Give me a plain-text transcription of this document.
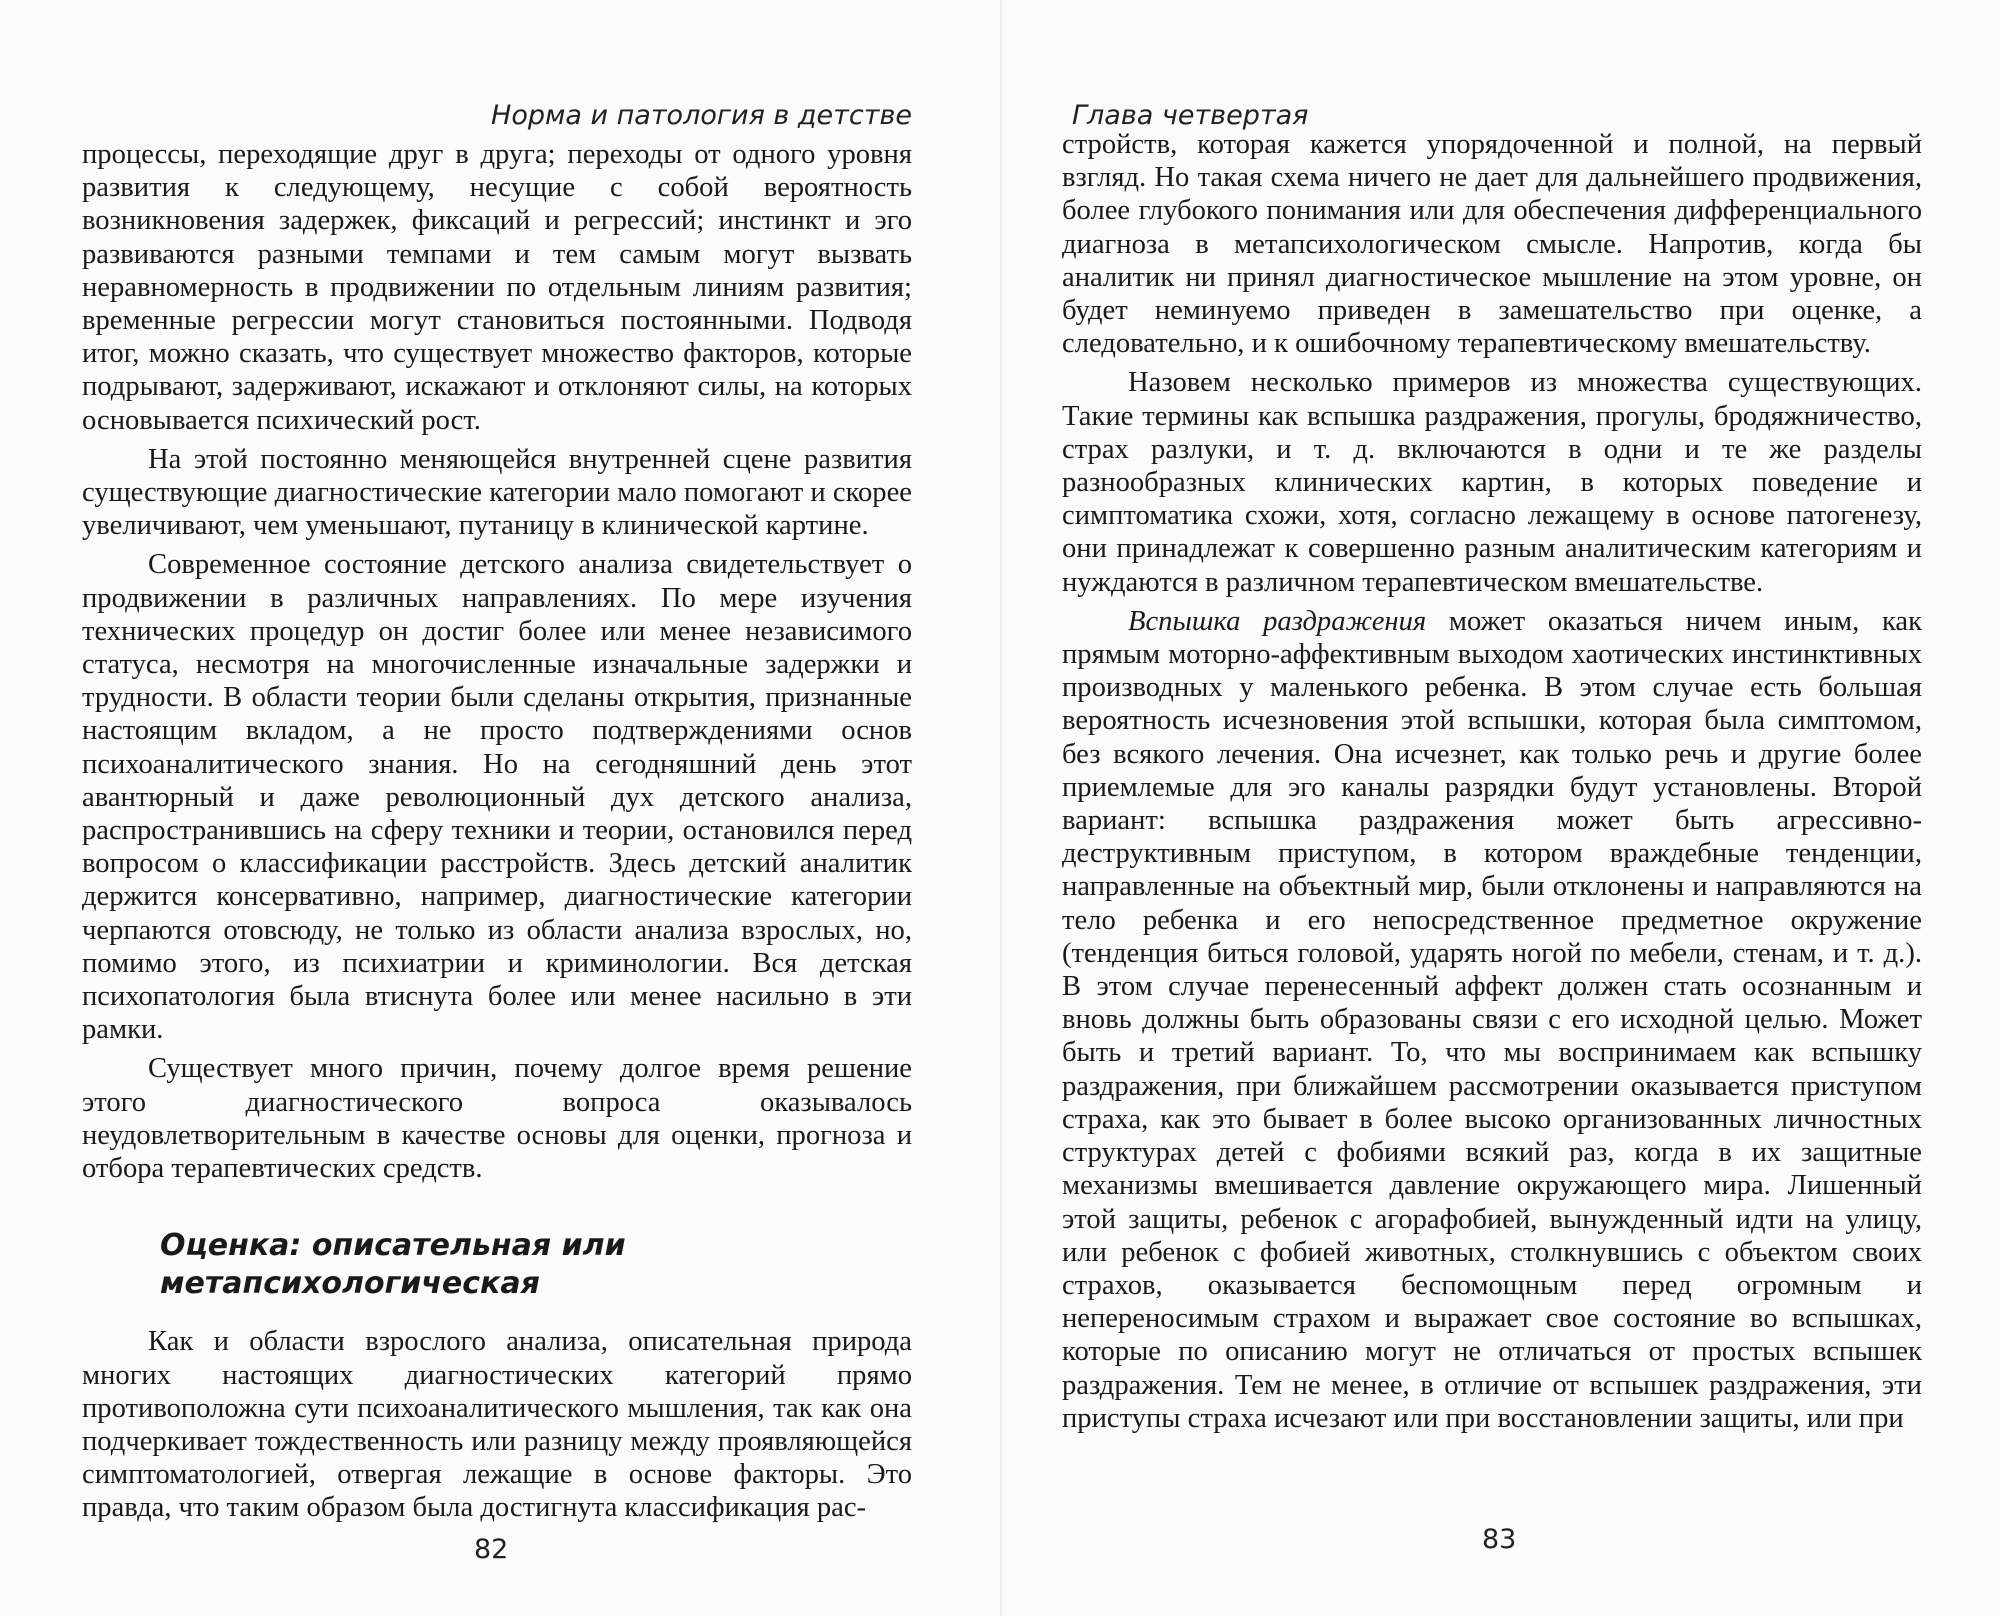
Норма и патология в детстве

процессы, переходящие друг в друга; переходы от одного уровня развития к следующему, несущие с собой вероятность возникновения задержек, фиксаций и регрессий; инстинкт и эго развиваются разными темпами и тем самым могут вызвать неравномерность в продвижении по отдельным линиям развития; временные регрессии могут становиться постоянными. Подводя итог, можно сказать, что существует множество факторов, которые подрывают, задерживают, искажают и отклоняют силы, на которых основывается психический рост.

На этой постоянно меняющейся внутренней сцене развития существующие диагностические категории мало помогают и скорее увеличивают, чем уменьшают, путаницу в клинической картине.

Современное состояние детского анализа свидетельствует о продвижении в различных направлениях. По мере изучения технических процедур он достиг более или менее независимого статуса, несмотря на многочисленные изначальные задержки и трудности. В области теории были сделаны открытия, признанные настоящим вкладом, а не просто подтверждениями основ психоаналитического знания. Но на сегодняшний день этот авантюрный и даже революционный дух детского анализа, распространившись на сферу техники и теории, остановился перед вопросом о классификации расстройств. Здесь детский аналитик держится консервативно, например, диагностические категории черпаются отовсюду, не только из области анализа взрослых, но, помимо этого, из психиатрии и криминологии. Вся детская психопатология была втиснута более или менее насильно в эти рамки.

Существует много причин, почему долгое время решение этого диагностического вопроса оказывалось неудовлетворительным в качестве основы для оценки, прогноза и отбора терапевтических средств.

Оценка: описательная или
метапсихологическая

Как и области взрослого анализа, описательная природа многих настоящих диагностических категорий прямо противоположна сути психоаналитического мышления, так как она подчеркивает тождественность или разницу между проявляющейся симптоматологией, отвергая лежащие в основе факторы. Это правда, что таким образом была достигнута классификация рас-

82
Глава четвертая

стройств, которая кажется упорядоченной и полной, на первый взгляд. Но такая схема ничего не дает для дальнейшего продвижения, более глубокого понимания или для обеспечения дифференциального диагноза в метапсихологическом смысле. Напротив, когда бы аналитик ни принял диагностическое мышление на этом уровне, он будет неминуемо приведен в замешательство при оценке, а следовательно, и к ошибочному терапевтическому вмешательству.

Назовем несколько примеров из множества существующих. Такие термины как вспышка раздражения, прогулы, бродяжничество, страх разлуки, и т. д. включаются в одни и те же разделы разнообразных клинических картин, в которых поведение и симптоматика схожи, хотя, согласно лежащему в основе патогенезу, они принадлежат к совершенно разным аналитическим категориям и нуждаются в различном терапевтическом вмешательстве.

Вспышка раздражения может оказаться ничем иным, как прямым моторно-аффективным выходом хаотических инстинктивных производных у маленького ребенка. В этом случае есть большая вероятность исчезновения этой вспышки, которая была симптомом, без всякого лечения. Она исчезнет, как только речь и другие более приемлемые для эго каналы разрядки будут установлены. Второй вариант: вспышка раздражения может быть агрессивно-деструктивным приступом, в котором враждебные тенденции, направленные на объектный мир, были отклонены и направляются на тело ребенка и его непосредственное предметное окружение (тенденция биться головой, ударять ногой по мебели, стенам, и т. д.). В этом случае перенесенный аффект должен стать осознанным и вновь должны быть образованы связи с его исходной целью. Может быть и третий вариант. То, что мы воспринимаем как вспышку раздражения, при ближайшем рассмотрении оказывается приступом страха, как это бывает в более высоко организованных личностных структурах детей с фобиями всякий раз, когда в их защитные механизмы вмешивается давление окружающего мира. Лишенный этой защиты, ребенок с агорафобией, вынужденный идти на улицу, или ребенок с фобией животных, столкнувшись с объектом своих страхов, оказывается беспомощным перед огромным и непереносимым страхом и выражает свое состояние во вспышках, которые по описанию могут не отличаться от простых вспышек раздражения. Тем не менее, в отличие от вспышек раздражения, эти приступы страха исчезают или при восстановлении защиты, или при

83
